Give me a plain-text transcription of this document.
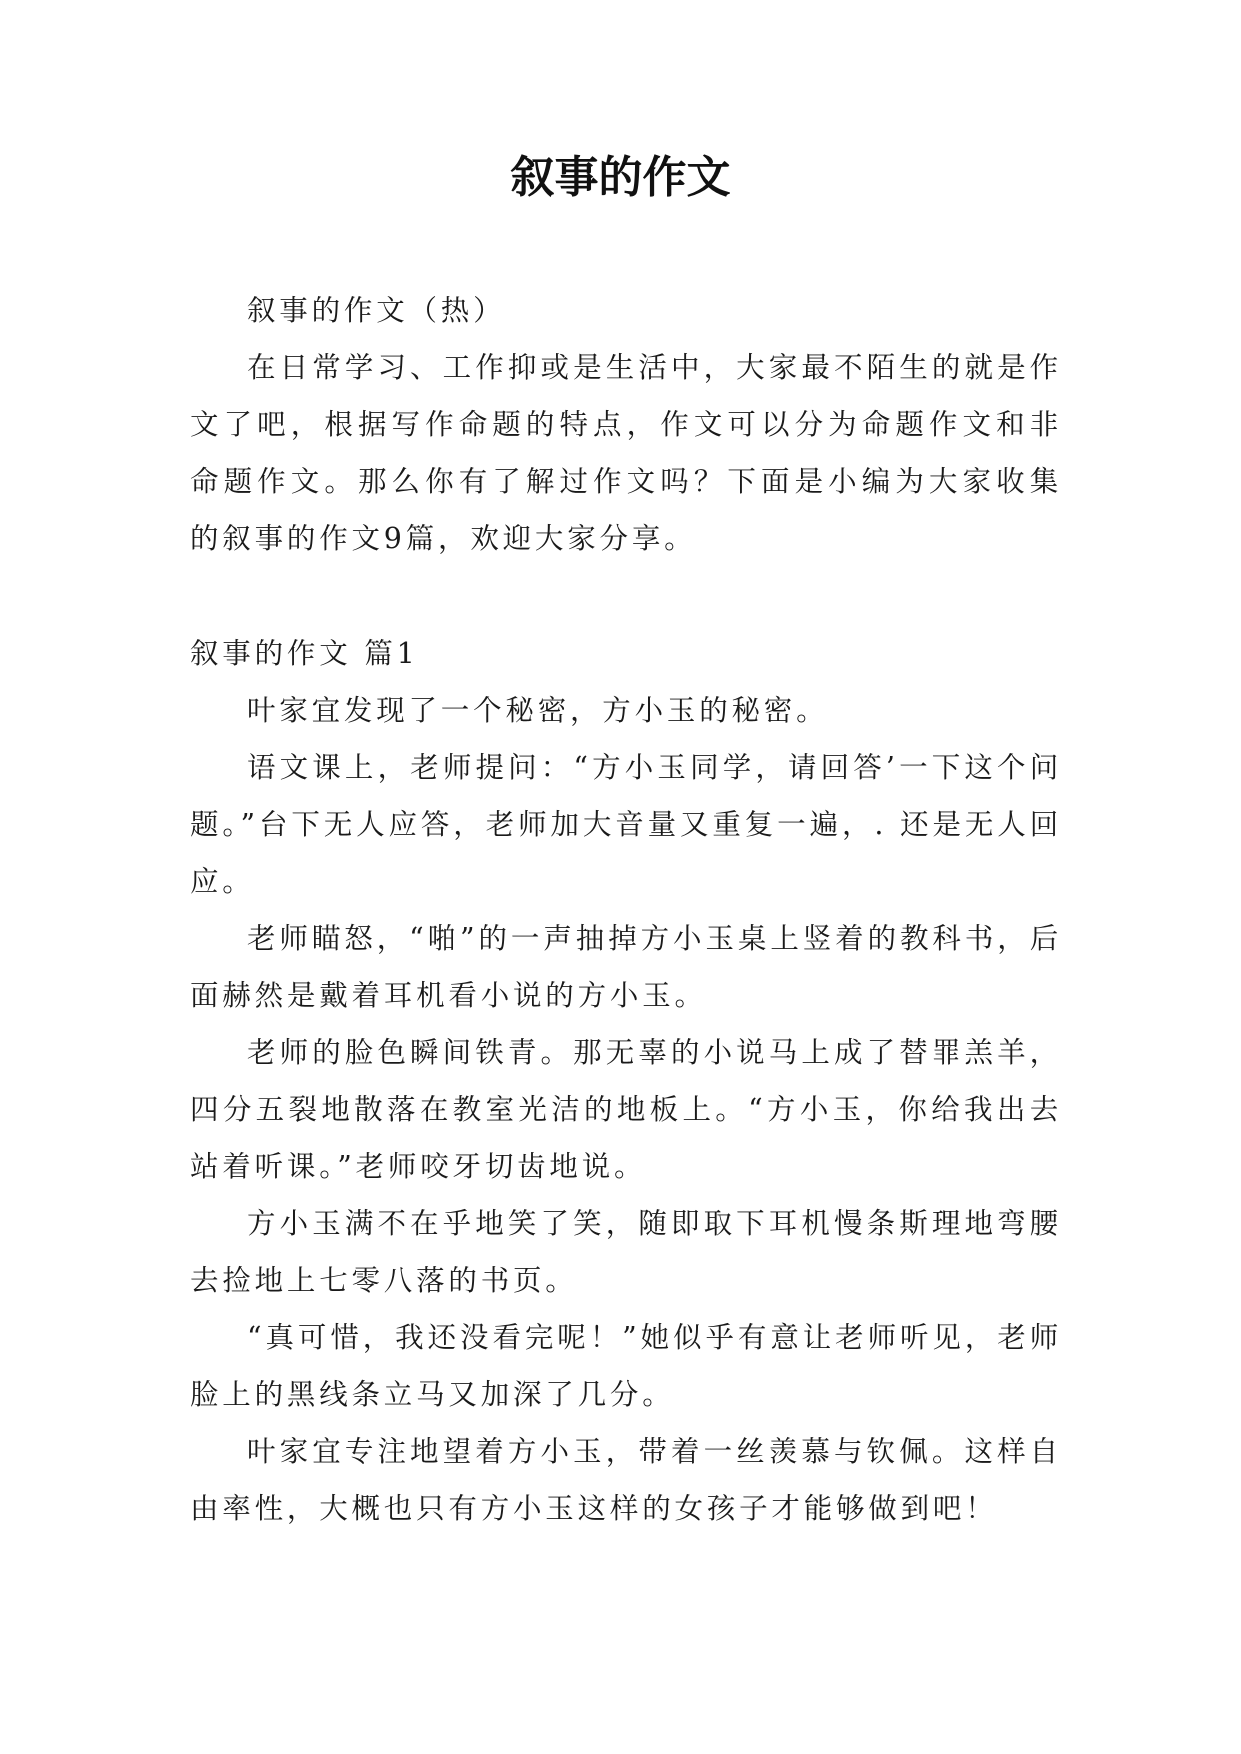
叙事的作文

叙事的作文（热）

在日常学习、工作抑或是生活中，大家最不陌生的就是作文了吧，根据写作命题的特点，作文可以分为命题作文和非命题作文。那么你有了解过作文吗？下面是小编为大家收集的叙事的作文9篇，欢迎大家分享。

叙事的作文 篇1

叶家宜发现了一个秘密，方小玉的秘密。

语文课上，老师提问：“方小玉同学，请回答’一下这个问题。”台下无人应答，老师加大音量又重复一遍，. 还是无人回应。

老师瞄怒，“啪”的一声抽掉方小玉桌上竖着的教科书，后面赫然是戴着耳机看小说的方小玉。

老师的脸色瞬间铁青。那无辜的小说马上成了替罪羔羊，四分五裂地散落在教室光洁的地板上。“方小玉，你给我出去站着听课。”老师咬牙切齿地说。

方小玉满不在乎地笑了笑，随即取下耳机慢条斯理地弯腰去捡地上七零八落的书页。

“真可惜，我还没看完呢！”她似乎有意让老师听见，老师脸上的黑线条立马又加深了几分。

叶家宜专注地望着方小玉，带着一丝羡慕与钦佩。这样自由率性，大概也只有方小玉这样的女孩子才能够做到吧！
